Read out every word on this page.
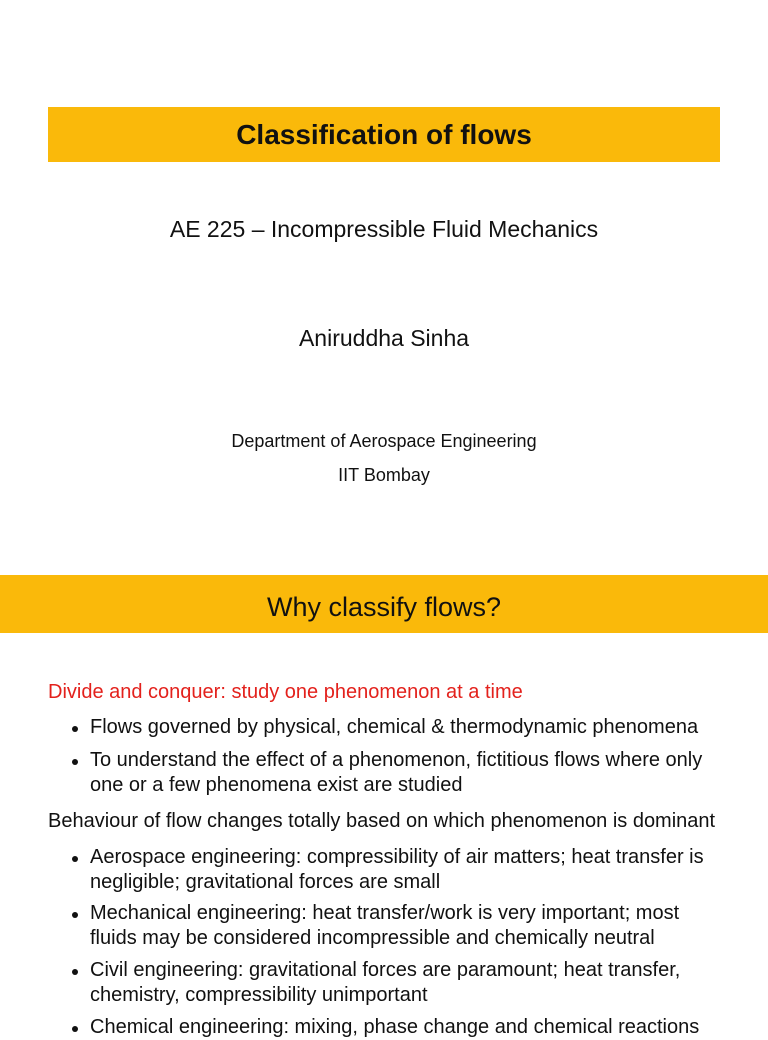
Classification of flows
AE 225 – Incompressible Fluid Mechanics
Aniruddha Sinha
Department of Aerospace Engineering
IIT Bombay
Why classify flows?
Divide and conquer: study one phenomenon at a time
Flows governed by physical, chemical & thermodynamic phenomena
To understand the effect of a phenomenon, fictitious flows where only
one or a few phenomena exist are studied
Behaviour of flow changes totally based on which phenomenon is dominant
Aerospace engineering: compressibility of air matters; heat transfer is
negligible; gravitational forces are small
Mechanical engineering: heat transfer/work is very important; most
fluids may be considered incompressible and chemically neutral
Civil engineering: gravitational forces are paramount; heat transfer,
chemistry, compressibility unimportant
Chemical engineering: mixing, phase change and chemical reactions
